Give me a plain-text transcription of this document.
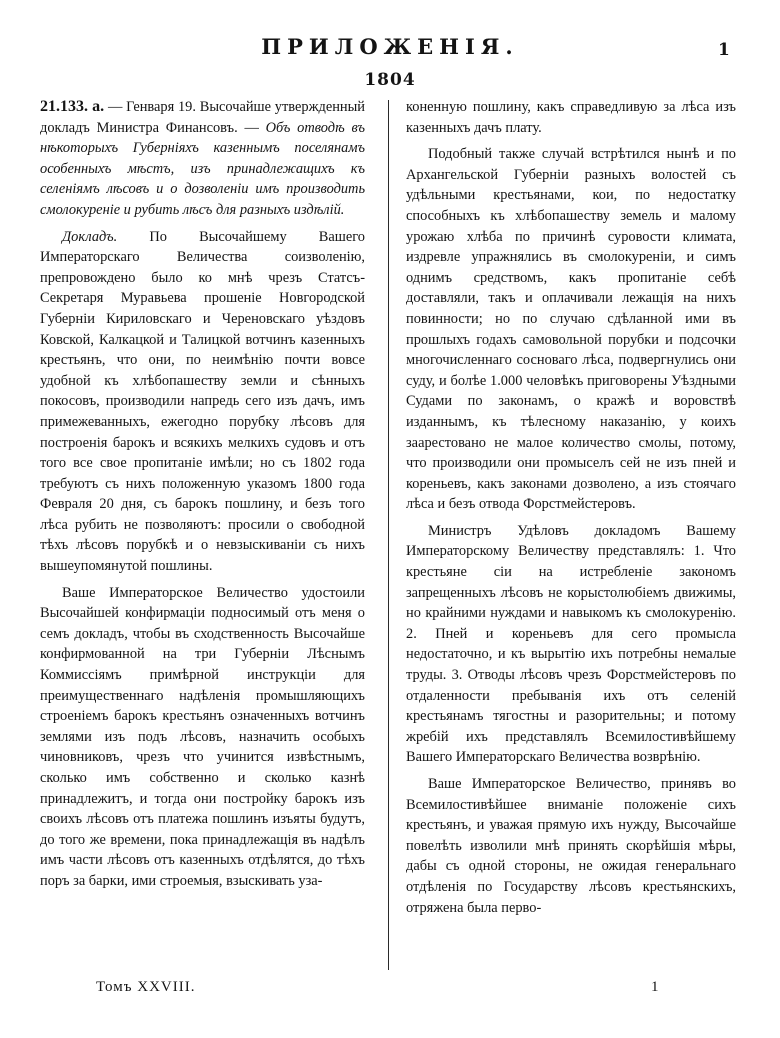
ПРИЛОЖЕНІЯ.	1
1804

21.133. а. — Генваря 19. Высочайше утвержденный докладъ Министра Финансовъ. — Объ отводѣ въ нѣкоторыхъ Губерніяхъ казеннымъ поселянамъ особенныхъ мѣстъ, изъ принадлежащихъ къ селеніямъ лѣсовъ и о дозволеніи имъ производить смолокуреніе и рубить лѣсъ для разныхъ издѣлій.

Докладъ. По Высочайшему Вашего Императорскаго Величества соизволенію, препровождено было ко мнѣ чрезъ Статсъ-Секретаря Муравьева прошеніе Новгородской Губерніи Кириловскаго и Череновскаго уѣздовъ Ковской, Калкацкой и Талицкой вотчинъ казенныхъ крестьянъ, что они, по неимѣнію почти вовсе удобной къ хлѣбопашеству земли и сѣнныхъ покосовъ, производили напредь сего изъ дачъ, имъ примежеванныхъ, ежегодно порубку лѣсовъ для построенія барокъ и всякихъ мелкихъ судовъ и отъ того все свое пропитаніе имѣли; но съ 1802 года требуютъ съ нихъ положенную указомъ 1800 года Февраля 20 дня, съ барокъ пошлину, и безъ того лѣса рубить не позволяютъ: просили о свободной тѣхъ лѣсовъ порубкѣ и о невзыскиваніи съ нихъ вышеупомянутой пошлины.

Ваше Императорское Величество удостоили Высочайшей конфирмаціи подносимый отъ меня о семъ докладъ, чтобы въ сходственность Высочайше конфирмованной на три Губерніи Лѣснымъ Коммиссіямъ примѣрной инструкціи для преимущественнаго надѣленія промышляющихъ строеніемъ барокъ крестьянъ означенныхъ вотчинъ землями изъ подъ лѣсовъ, назначить особыхъ чиновниковъ, чрезъ что учинится извѣстнымъ, сколько имъ собственно и сколько казнѣ принадлежитъ, и тогда они постройку барокъ изъ своихъ лѣсовъ отъ платежа пошлинъ изъяты будутъ, до того же времени, пока принадлежащія въ надѣлъ имъ части лѣсовъ отъ казенныхъ отдѣлятся, до тѣхъ поръ за барки, ими строемыя, взыскивать уза-

коненную пошлину, какъ справедливую за лѣса изъ казенныхъ дачъ плату.

Подобный также случай встрѣтился нынѣ и по Архангельской Губерніи разныхъ волостей съ удѣльными крестьянами, кои, по недостатку способныхъ къ хлѣбопашеству земель и малому урожаю хлѣба по причинѣ суровости климата, издревле упражнялись въ смолокуреніи, и симъ однимъ средствомъ, какъ пропитаніе себѣ доставляли, такъ и оплачивали лежащія на нихъ повинности; но по случаю сдѣланной ими въ прошлыхъ годахъ самовольной порубки и подсочки многочисленнаго сосноваго лѣса, подвергнулись они суду, и болѣе 1.000 человѣкъ приговорены Уѣздными Судами по законамъ, о кражѣ и воровствѣ изданнымъ, къ тѣлесному наказанію, у коихъ заарестовано не малое количество смолы, потому, что производили они промыселъ сей не изъ пней и кореньевъ, какъ законами дозволено, а изъ стоячаго лѣса и безъ отвода Форстмейстеровъ.

Министръ Удѣловъ докладомъ Вашему Императорскому Величеству представлялъ: 1. Что крестьяне сіи на истребленіе закономъ запрещенныхъ лѣсовъ не корыстолюбіемъ движимы, но крайними нуждами и навыкомъ къ смолокуренію. 2. Пней и кореньевъ для сего промысла недостаточно, и къ вырытію ихъ потребны немалые труды. 3. Отводы лѣсовъ чрезъ Форстмейстеровъ по отдаленности пребыванія ихъ отъ селеній крестьянамъ тягостны и разорительны; и потому жребій ихъ представлялъ Всемилостивѣйшему Вашего Императорскаго Величества возврѣнію.

Ваше Императорское Величество, принявъ во Всемилостивѣйшее вниманіе положеніе сихъ крестьянъ, и уважая прямую ихъ нужду, Высочайше повелѣть изволили мнѣ принять скорѣйшія мѣры, дабы съ одной стороны, не ожидая генеральнаго отдѣленія по Государству лѣсовъ крестьянскихъ, отряжена была перво-

Томъ XXVIII.	1
